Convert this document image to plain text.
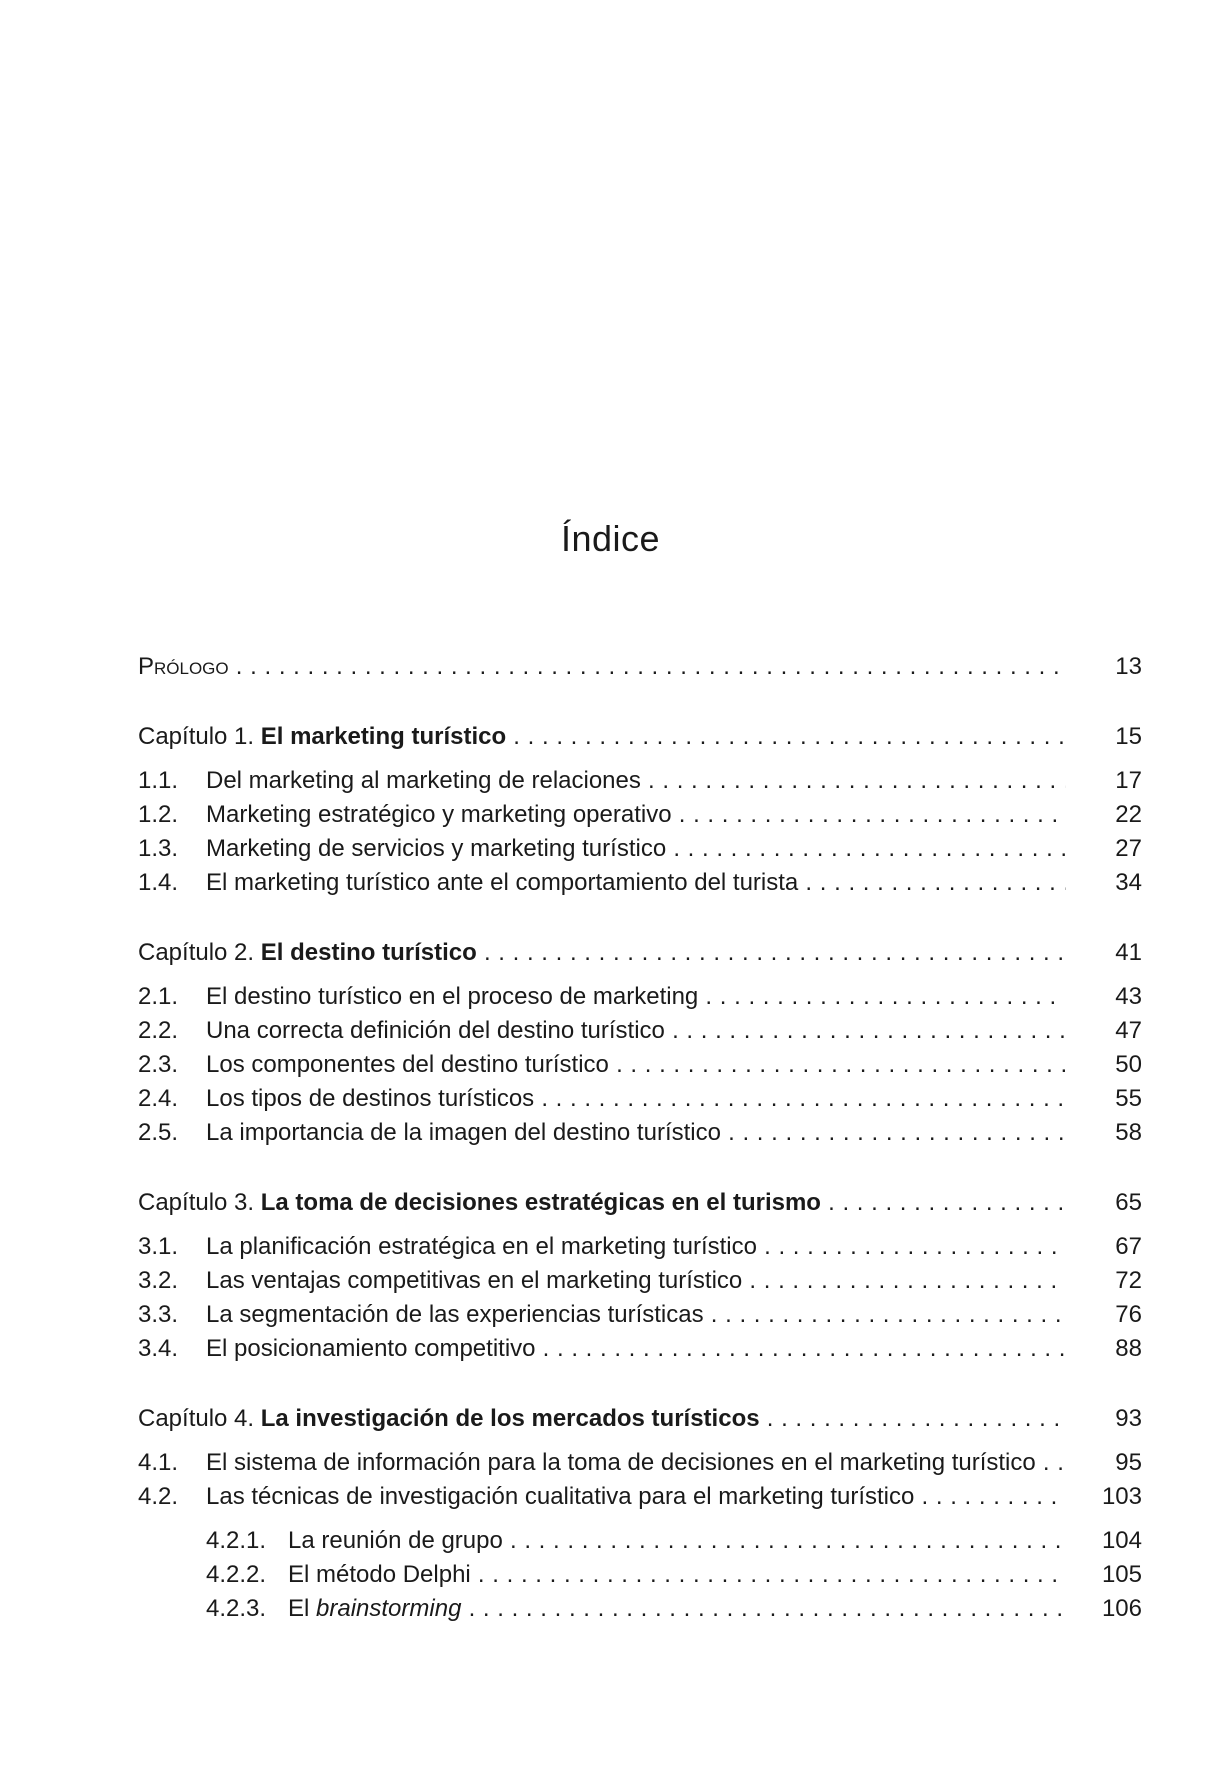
Índice
Prólogo . . .	13
Capítulo 1. El marketing turístico . . .	15
1.1. Del marketing al marketing de relaciones . . .	17
1.2. Marketing estratégico y marketing operativo . . .	22
1.3. Marketing de servicios y marketing turístico . . .	27
1.4. El marketing turístico ante el comportamiento del turista . . .	34
Capítulo 2. El destino turístico . . .	41
2.1. El destino turístico en el proceso de marketing . . .	43
2.2. Una correcta definición del destino turístico . . .	47
2.3. Los componentes del destino turístico . . .	50
2.4. Los tipos de destinos turísticos . . .	55
2.5. La importancia de la imagen del destino turístico . . .	58
Capítulo 3. La toma de decisiones estratégicas en el turismo . . .	65
3.1. La planificación estratégica en el marketing turístico . . .	67
3.2. Las ventajas competitivas en el marketing turístico . . .	72
3.3. La segmentación de las experiencias turísticas . . .	76
3.4. El posicionamiento competitivo . . .	88
Capítulo 4. La investigación de los mercados turísticos . . .	93
4.1. El sistema de información para la toma de decisiones en el marketing turístico . . .	95
4.2. Las técnicas de investigación cualitativa para el marketing turístico . . .	103
4.2.1. La reunión de grupo . . .	104
4.2.2. El método Delphi . . .	105
4.2.3. El brainstorming . . .	106
